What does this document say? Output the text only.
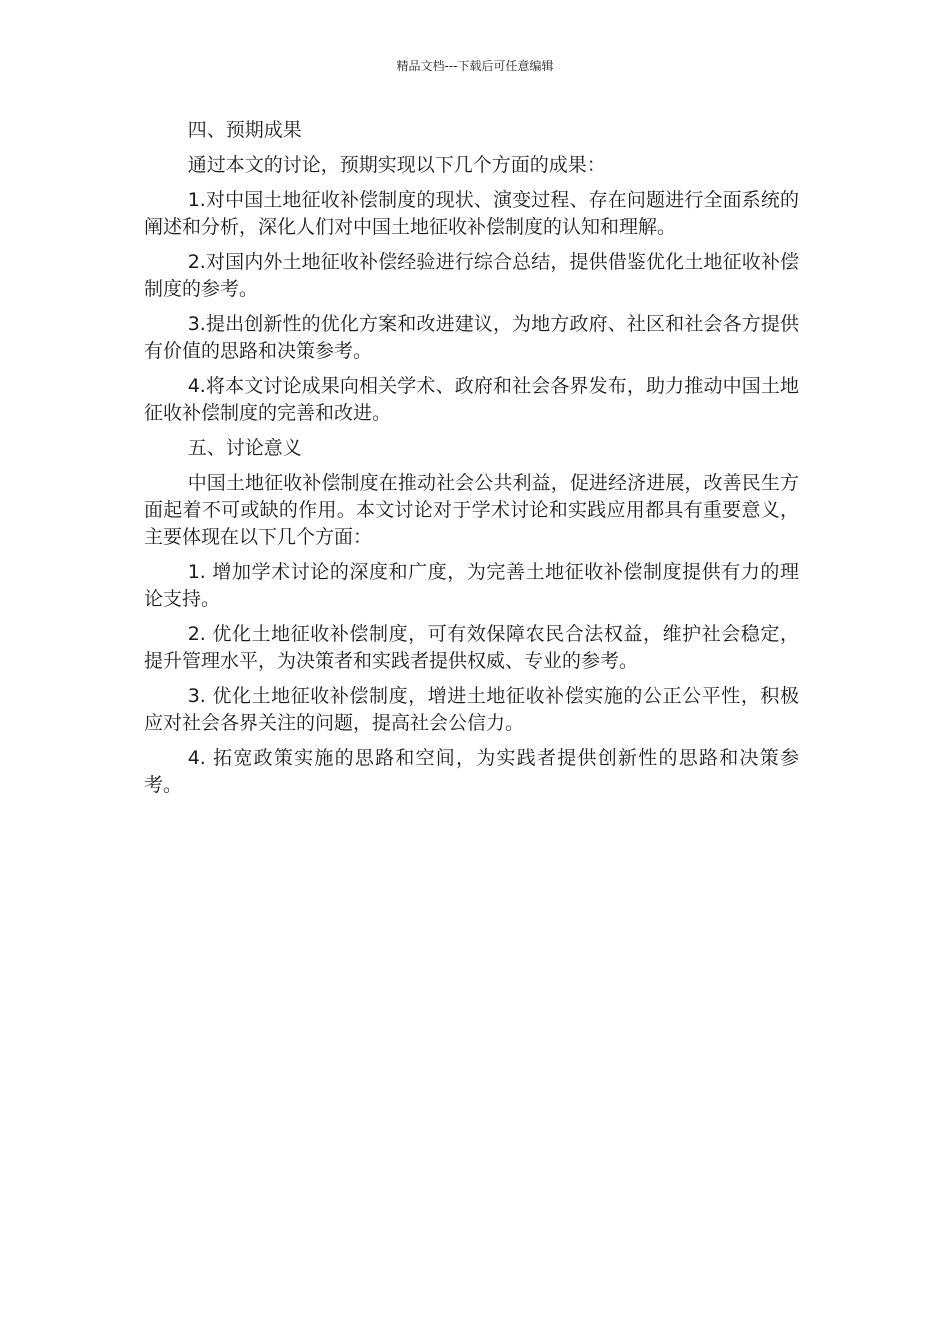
精品文档---下载后可任意编辑

四、预期成果

通过本文的讨论，预期实现以下几个方面的成果：

1.对中国土地征收补偿制度的现状、演变过程、存在问题进行全面系统的阐述和分析，深化人们对中国土地征收补偿制度的认知和理解。

2.对国内外土地征收补偿经验进行综合总结，提供借鉴优化土地征收补偿制度的参考。

3.提出创新性的优化方案和改进建议，为地方政府、社区和社会各方提供有价值的思路和决策参考。

4.将本文讨论成果向相关学术、政府和社会各界发布，助力推动中国土地征收补偿制度的完善和改进。

五、讨论意义

中国土地征收补偿制度在推动社会公共利益，促进经济进展，改善民生方面起着不可或缺的作用。本文讨论对于学术讨论和实践应用都具有重要意义，主要体现在以下几个方面：

1. 增加学术讨论的深度和广度，为完善土地征收补偿制度提供有力的理论支持。

2. 优化土地征收补偿制度，可有效保障农民合法权益，维护社会稳定，提升管理水平，为决策者和实践者提供权威、专业的参考。

3. 优化土地征收补偿制度，增进土地征收补偿实施的公正公平性，积极应对社会各界关注的问题，提高社会公信力。

4. 拓宽政策实施的思路和空间，为实践者提供创新性的思路和决策参考。
